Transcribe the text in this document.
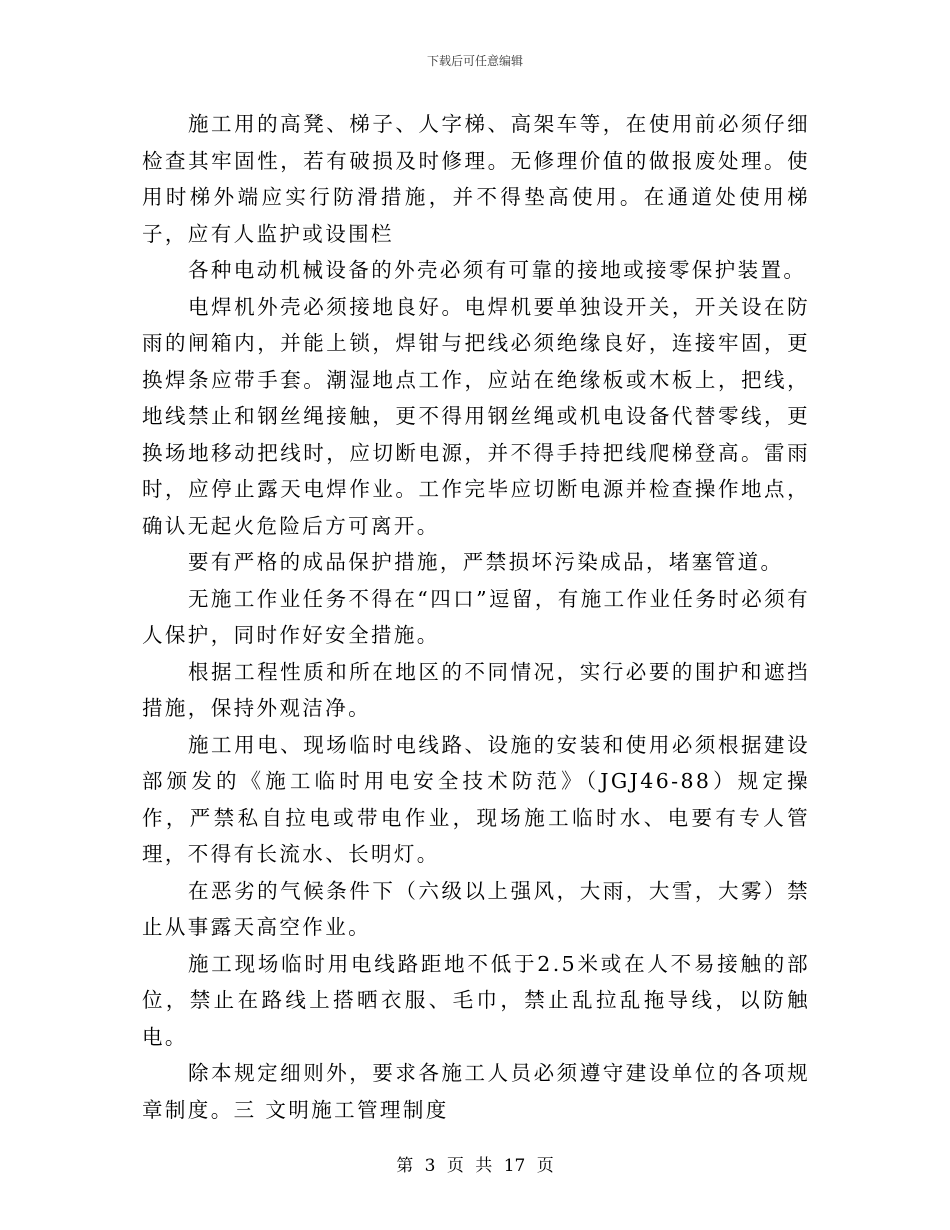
下载后可任意编辑

施工用的高凳、梯子、人字梯、高架车等，在使用前必须仔细检查其牢固性，若有破损及时修理。无修理价值的做报废处理。使用时梯外端应实行防滑措施，并不得垫高使用。在通道处使用梯子，应有人监护或设围栏

各种电动机械设备的外壳必须有可靠的接地或接零保护装置。

电焊机外壳必须接地良好。电焊机要单独设开关，开关设在防雨的闸箱内，并能上锁，焊钳与把线必须绝缘良好，连接牢固，更换焊条应带手套。潮湿地点工作，应站在绝缘板或木板上，把线，地线禁止和钢丝绳接触，更不得用钢丝绳或机电设备代替零线，更换场地移动把线时，应切断电源，并不得手持把线爬梯登高。雷雨时，应停止露天电焊作业。工作完毕应切断电源并检查操作地点，确认无起火危险后方可离开。

要有严格的成品保护措施，严禁损坏污染成品，堵塞管道。

无施工作业任务不得在“四口”逗留，有施工作业任务时必须有人保护，同时作好安全措施。

根据工程性质和所在地区的不同情况，实行必要的围护和遮挡措施，保持外观洁净。

施工用电、现场临时电线路、设施的安装和使用必须根据建设部颁发的《施工临时用电安全技术防范》（JGJ46-88）规定操作，严禁私自拉电或带电作业，现场施工临时水、电要有专人管理，不得有长流水、长明灯。

在恶劣的气候条件下（六级以上强风，大雨，大雪，大雾）禁止从事露天高空作业。

施工现场临时用电线路距地不低于2.5米或在人不易接触的部位，禁止在路线上搭晒衣服、毛巾，禁止乱拉乱拖导线，以防触电。

除本规定细则外，要求各施工人员必须遵守建设单位的各项规章制度。三 文明施工管理制度

第 3 页 共 17 页
